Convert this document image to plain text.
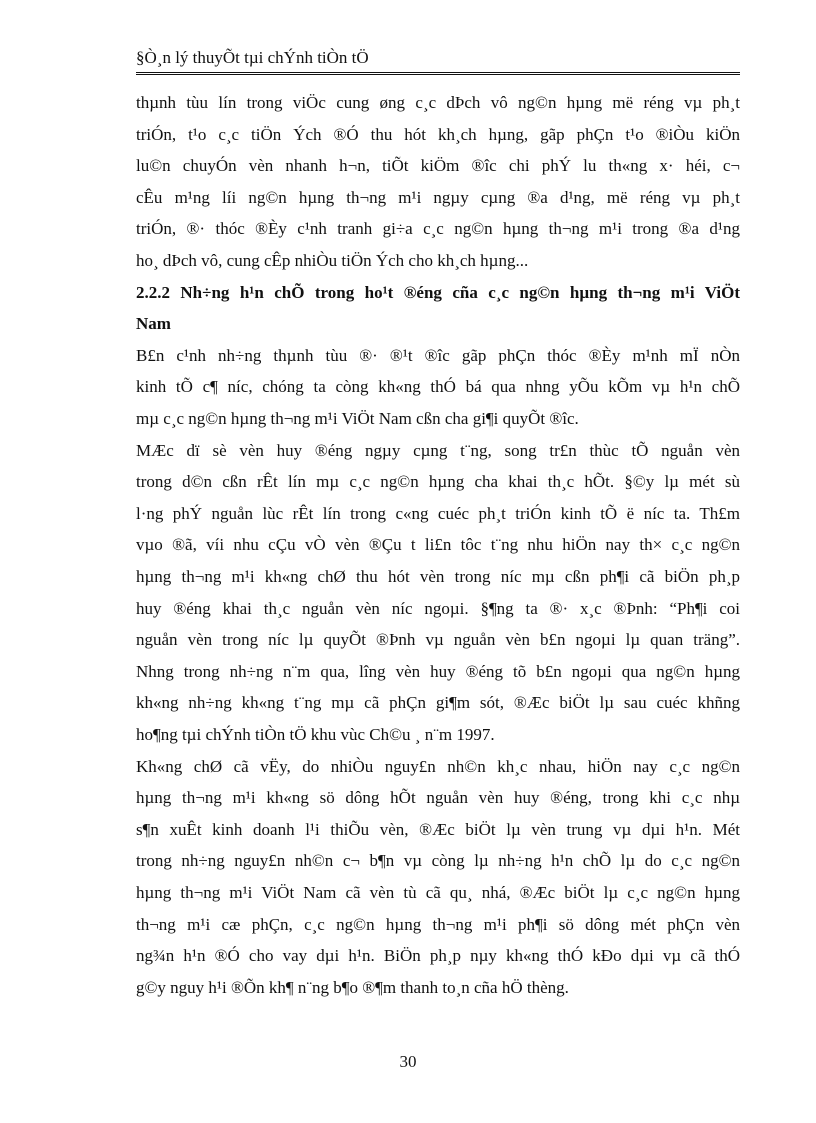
§Ò¸n lý thuyÕt tµi chÝnh tiÒn tÖ
thµnh tùu lín trong viÖc cung øng c¸c dÞch vô ng©n hµng më réng vµ ph¸t
triÓn, t¹o c¸c tiÖn Ých ®Ó thu hót kh¸ch hµng, gãp phÇn t¹o ®iÒu kiÖn
lu©n chuyÓn vèn nhanh h¬n, tiÕt kiÖm ®îc chi phÝ lu th«ng x· héi, c¬
cÊu m¹ng líi ng©n hµng th¬ng m¹i ngµy cµng ®a d¹ng, më réng vµ ph¸t
triÓn, ®· thóc ®Èy c¹nh tranh gi÷a c¸c ng©n hµng th¬ng m¹i trong ®a d¹ng
ho¸ dÞch vô, cung cÊp nhiÒu tiÖn Ých cho kh¸ch hµng...
2.2.2 Nh÷ng h¹n chÕ trong ho¹t ®éng cña c¸c ng©n hµng th¬ng m¹i ViÖt
Nam
B£n c¹nh nh÷ng thµnh tùu ®· ®¹t ®îc gãp phÇn thóc ®Èy m¹nh mÏ nÒn
kinh tÕ c¶ níc, chóng ta còng kh«ng thÓ bá qua nhng yÕu kÕm vµ h¹n chÕ
mµ c¸c ng©n hµng th¬ng m¹i ViÖt Nam cßn cha gi¶i quyÕt ®îc.
MÆc dï sè vèn huy ®éng ngµy cµng t¨ng, song tr£n thùc tÕ nguån vèn
trong d©n cßn rÊt lín mµ c¸c ng©n hµng cha khai th¸c hÕt. §©y lµ mét sù
l·ng phÝ nguån lùc rÊt lín trong c«ng cuéc ph¸t triÓn kinh tÕ ë níc ta. Th£m
vµo ®ã, víi nhu cÇu vÒ vèn ®Çu t li£n tôc t¨ng nhu hiÖn nay th× c¸c ng©n
hµng th¬ng m¹i kh«ng chØ thu hót vèn trong níc mµ cßn ph¶i cã biÖn ph¸p
huy ®éng khai th¸c nguån vèn níc ngoµi. §¶ng ta ®· x¸c ®Þnh: “Ph¶i coi
nguån vèn trong níc lµ quyÕt ®Þnh vµ nguån vèn b£n ngoµi lµ quan träng”.
Nhng trong nh÷ng n¨m qua, lîng vèn huy ®éng tõ b£n ngoµi qua ng©n hµng
kh«ng nh÷ng kh«ng t¨ng mµ cã phÇn gi¶m sót, ®Æc biÖt lµ sau cuéc khñng
ho¶ng tµi chÝnh tiÒn tÖ khu vùc Ch©u ¸ n¨m 1997.
Kh«ng chØ cã vËy, do nhiÒu nguy£n nh©n kh¸c nhau, hiÖn nay c¸c ng©n
hµng th¬ng m¹i kh«ng sö dông hÕt nguån vèn huy ®éng, trong khi c¸c nhµ
s¶n xuÊt kinh doanh l¹i thiÕu vèn, ®Æc biÖt lµ vèn trung vµ dµi h¹n. Mét
trong nh÷ng nguy£n nh©n c¬ b¶n vµ còng lµ nh÷ng h¹n chÕ lµ do c¸c ng©n
hµng th¬ng m¹i ViÖt Nam cã vèn tù cã qu¸ nhá, ®Æc biÖt lµ c¸c ng©n hµng
th¬ng m¹i cæ phÇn, c¸c ng©n hµng th¬ng m¹i ph¶i sö dông mét phÇn vèn
ng¾n h¹n ®Ó cho vay dµi h¹n. BiÖn ph¸p nµy kh«ng thÓ kÐo dµi vµ cã thÓ
g©y nguy h¹i ®Õn kh¶ n¨ng b¶o ®¶m thanh to¸n cña hÖ thèng.
30
